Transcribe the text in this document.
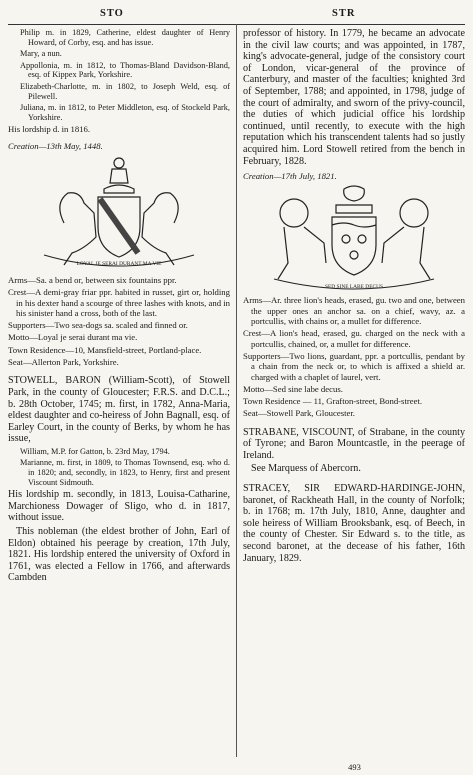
STO	STR

Philip m. in 1829, Catherine, eldest daughter of Henry Howard, of Corby, esq. and has issue.

Mary, a nun.

Appollonia, m. in 1812, to Thomas-Bland Davidson-Bland, esq. of Kippex Park, Yorkshire.

Elizabeth-Charlotte, m. in 1802, to Joseph Weld, esq. of Pilewell.

Juliana, m. in 1812, to Peter Middleton, esq. of Stockeld Park, Yorkshire.

His lordship d. in 1816.

Creation—13th May, 1448.

LOYAL JE SERAI DURANT MA VIE

Arms—Sa. a bend or, between six fountains ppr.

Crest—A demi-gray friar ppr. habited in russet, girt or, holding in his dexter hand a scourge of three lashes with knots, and in his sinister hand a cross, both of the last.

Supporters—Two sea-dogs sa. scaled and finned or.

Motto—Loyal je serai durant ma vie.

Town Residence—10, Mansfield-street, Portland-place.

Seat—Allerton Park, Yorkshire.

STOWELL, BARON (William-Scott), of Stowell Park, in the county of Gloucester; F.R.S. and D.C.L.; b. 28th October, 1745; m. first, in 1782, Anna-Maria, eldest daughter and co-heiress of John Bagnall, esq. of Earley Court, in the county of Berks, by whom he has issue,

William, M.P. for Gatton, b. 23rd May, 1794.

Marianne, m. first, in 1809, to Thomas Townsend, esq. who d. in 1820; and, secondly, in 1823, to Henry, first and present Viscount Sidmouth.

His lordship m. secondly, in 1813, Louisa-Catharine, Marchioness Dowager of Sligo, who d. in 1817, without issue.

This nobleman (the eldest brother of John, Earl of Eldon) obtained his peerage by creation, 17th July, 1821. His lordship entered the university of Oxford in 1761, was elected a Fellow in 1766, and afterwards Cambden

professor of history. In 1779, he became an advocate in the civil law courts; and was appointed, in 1787, king's advocate-general, judge of the consistory court of London, vicar-general of the province of Canterbury, and master of the faculties; knighted 3rd of September, 1788; and appointed, in 1798, judge of the court of admiralty, and sworn of the privy-council, the duties of which judicial office his lordship continued, until recently, to execute with the high reputation which his transcendent talents had so justly acquired him. Lord Stowell retired from the bench in February, 1828.

Creation—17th July, 1821.

SED SINE LABE DECUS

Arms—Ar. three lion's heads, erased, gu. two and one, between the upper ones an anchor sa. on a chief, wavy, az. a portcullis, with chains or, a mullet for difference.

Crest—A lion's head, erased, gu. charged on the neck with a portcullis, chained, or, a mullet for difference.

Supporters—Two lions, guardant, ppr. a portcullis, pendant by a chain from the neck or, to which is affixed a shield ar. charged with a chaplet of laurel, vert.

Motto—Sed sine labe decus.

Town Residence — 11, Grafton-street, Bond-street.

Seat—Stowell Park, Gloucester.

STRABANE, VISCOUNT, of Strabane, in the county of Tyrone; and Baron Mountcastle, in the peerage of Ireland.

See Marquess of Abercorn.

STRACEY, SIR EDWARD-HARDINGE-JOHN, baronet, of Rackheath Hall, in the county of Norfolk; b. in 1768; m. 17th July, 1810, Anne, daughter and sole heiress of William Brooksbank, esq. of Beech, in the county of Chester. Sir Edward s. to the title, as second baronet, at the decease of his father, 16th January, 1829.

493
